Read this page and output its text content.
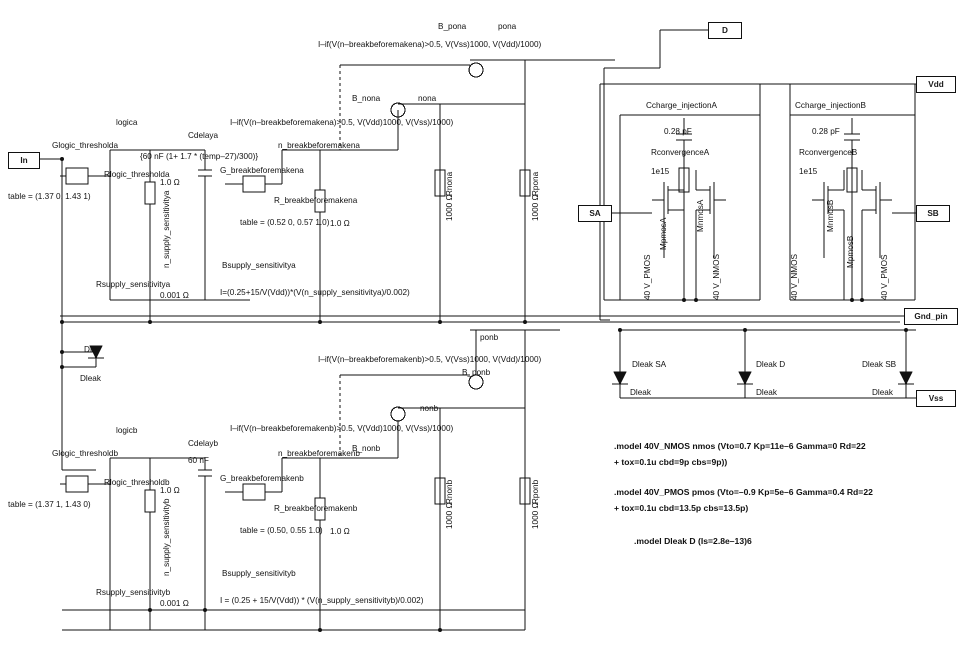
In
D
Vdd
SA	SB
Gnd_pin
Vss
B_pona	pona
I–if(V(n–breakbeforemakena)>0.5, V(Vss)1000, V(Vdd)/1000)
B_nona	nona
I–if(V(n–breakbeforemakena)>0.5, V(Vdd)1000, V(Vss)/1000)
logica
Glogic_thresholda
Rlogic_thresholda
1.0 Ω
table = (1.37 0, 1.43 1)
Cdelaya
{60 nF (1+ 1.7 * (temp–27)/300)}
n_breakbeforemakena
G_breakbeforemakena
R_breakbeforemakena
1.0 Ω
table = (0.52 0, 0.57 1.0)
Rsupply_sensitivitya
0.001 Ω
n_supply_sensitivitya	Bsupply_sensitivitya
I=(0.25+15/V(Vdd))*(V(n_supply_sensitivitya)/0.002)
Rnona
1000 Ω
Rpona
1000 Ω
ponb
I–if(V(n–breakbeforemakenb)>0.5, V(Vss)1000, V(Vdd)/1000)
B_ponb
nonb
I–if(V(n–breakbeforemakenb)>0.5, V(Vdd)1000, V(Vss)/1000)
B_nonb
logicb
Glogic_thresholdb
Rlogic_thresholdb
1.0 Ω
table = (1.37 1, 1.43 0)
Cdelayb
60 nF
n_breakbeforemakenb
G_breakbeforemakenb
R_breakbeforemakenb
1.0 Ω
table = (0.50, 0.55 1.0)
Rsupply_sensitivityb
0.001 Ω
n_supply_sensitivityb	Bsupply_sensitivityb
I = (0.25 + 15/V(Vdd)) * (V(n_supply_sensitivityb)/0.002)
Rnonb
1000 Ω
Rponb
1000 Ω
Ccharge_injectionA
0.28 pF
RconvergenceA
1e15
Ccharge_injectionB
0.28 pF
RconvergenceB
1e15
40 V_PMOS
MpmosA
MnmosA
40 V_NMOS	40 V_NMOS
MnmosB
MpmosB
40 V_PMOS
Dleak SA
Dleak
Dleak D
Dleak
Dleak SB
Dleak
DIn
Dleak
.model 40V_NMOS nmos (Vto=0.7 Kp=11e–6 Gamma=0 Rd=22
+ tox=0.1u cbd=9p cbs=9p))
.model 40V_PMOS pmos (Vto=–0.9 Kp=5e–6 Gamma=0.4 Rd=22
+ tox=0.1u cbd=13.5p cbs=13.5p)
.model Dleak D (Is=2.8e–13)6
